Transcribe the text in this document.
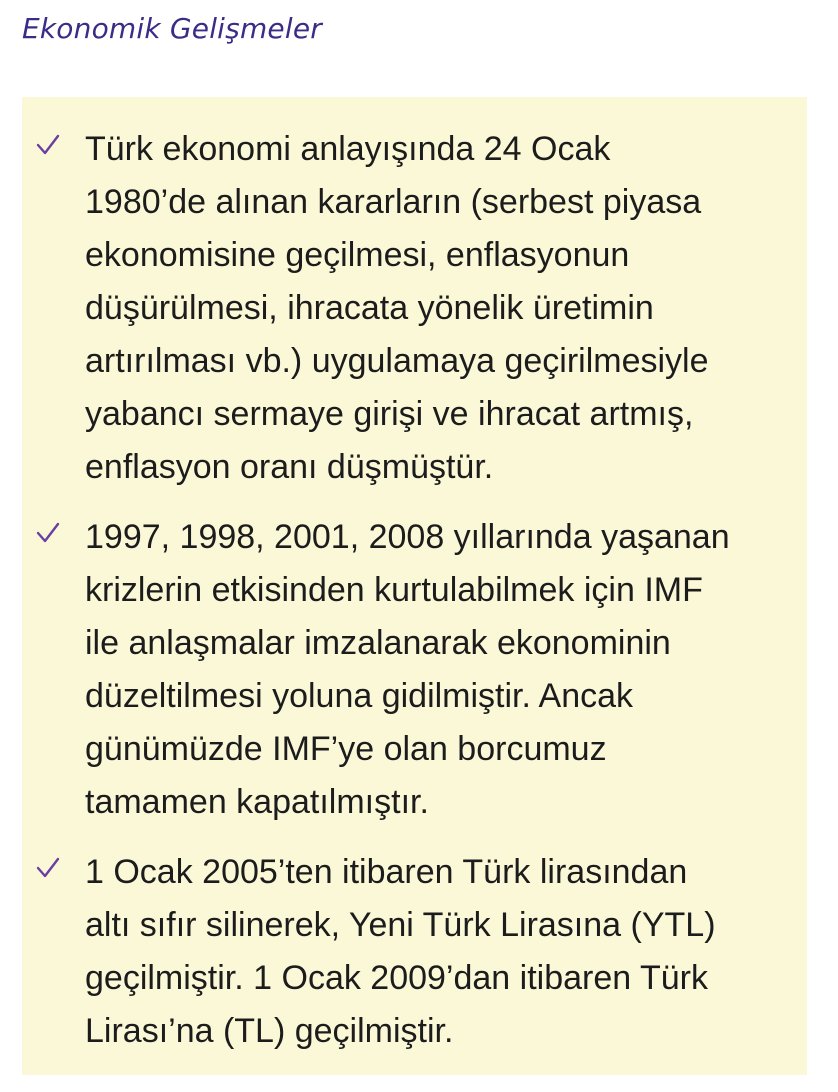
Ekonomik Gelişmeler
Türk ekonomi anlayışında 24 Ocak
1980’de alınan kararların (serbest piyasa
ekonomisine geçilmesi, enflasyonun
düşürülmesi, ihracata yönelik üretimin
artırılması vb.) uygulamaya geçirilmesiyle
yabancı sermaye girişi ve ihracat artmış,
enflasyon oranı düşmüştür.
1997, 1998, 2001, 2008 yıllarında yaşanan
krizlerin etkisinden kurtulabilmek için IMF
ile anlaşmalar imzalanarak ekonominin
düzeltilmesi yoluna gidilmiştir. Ancak
günümüzde IMF’ye olan borcumuz
tamamen kapatılmıştır.
1 Ocak 2005’ten itibaren Türk lirasından
altı sıfır silinerek, Yeni Türk Lirasına (YTL)
geçilmiştir. 1 Ocak 2009’dan itibaren Türk
Lirası’na (TL) geçilmiştir.
